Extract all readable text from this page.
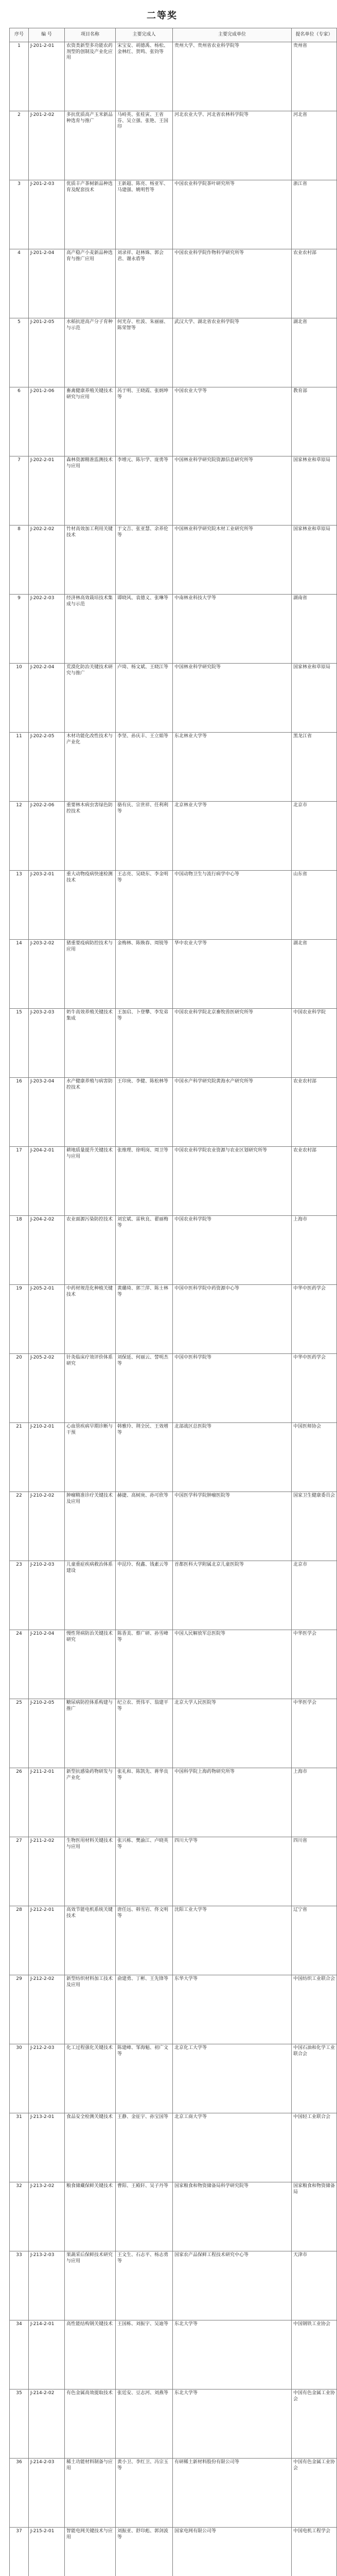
二等奖
序号	编 号	项目名称	主要完成人	主要完成单位	提名单位（专家）
1	J-201-2-01	农资类新型多功能农药剂型的创制及产业化应用	宋宝安、胡德禹、杨松、金林红、贺鸣、张钧等	贵州大学、贵州省农业科学院等	贵州省
2	J-201-2-02	多抗优质高产玉米新品种选育与推广	马峙英、张桂寅、王省芬、吴立强、张艳、王国印	河北农业大学、河北省农林科学院等	河北省
3	J-201-2-03	优质丰产茶树新品种选育及配套技术	王新超、陈亮、杨亚军、马建强、姚明哲等	中国农业科学院茶叶研究所等	浙江省
4	J-201-2-04	高产稳产小麦新品种选育与推广应用	刘录祥、赵林姝、郭会君、谢永盾等	中国农业科学院作物科学研究所等	农业农村部
5	J-201-2-05	水稻抗逆高产分子育种与示范	何光存、杜波、朱丽丽、陈荣智等	武汉大学、湖北省农业科学院等	湖北省
6	J-201-2-06	畜禽健康养殖关键技术研究与应用	呙于明、王晓霞、张炳坤等	中国农业大学等	教育部
7	J-202-2-01	森林资源精准监测技术与应用	李增元、陈尔学、庞勇等	中国林业科学研究院资源信息研究所等	国家林业和草原局
8	J-202-2-02	竹材高效加工利用关键技术	于文吉、张亚慧、余养伦等	中国林业科学研究院木材工业研究所等	国家林业和草原局
9	J-202-2-03	经济林高效栽培技术集成与示范	谭晓风、袁德义、张琳等	中南林业科技大学等	湖南省
10	J-202-2-04	荒漠化防治关键技术研究与推广	卢琦、杨文斌、王晓江等	中国林业科学研究院等	国家林业和草原局
11	J-202-2-05	木材功能化改性技术与产业化	李坚、孙庆丰、王立娟等	东北林业大学等	黑龙江省
12	J-202-2-06	重要林木病虫害绿色防控技术	骆有庆、宗世祥、任利利等	北京林业大学等	北京市
13	J-203-2-01	重大动物疫病快速检测技术	王志亮、吴晓东、李金明等	中国动物卫生与流行病学中心等	山东省
14	J-203-2-02	猪重要疫病防控技术与应用	金梅林、陈焕春、周锐等	华中农业大学等	湖北省
15	J-203-2-03	奶牛高效养殖关键技术集成	王加启、卜登攀、李发弟等	中国农业科学院北京畜牧兽医研究所等	中国农业科学院
16	J-203-2-04	水产健康养殖与病害防控技术	王印庚、李健、陈松林等	中国水产科学研究院黄海水产研究所等	农业农村部
17	J-204-2-01	耕地质量提升关键技术与应用	张维理、徐明岗、周卫等	中国农业科学院农业资源与农业区划研究所等	农业农村部
18	J-204-2-02	农业面源污染防控技术	刘宏斌、雷秋良、翟丽梅等	中国农业科学院等	上海市
19	J-205-2-01	中药材规范化种植关键技术	黄璐琦、郭兰萍、陈士林等	中国中医科学院中药资源中心等	中华中医药学会
20	J-205-2-02	针灸临床疗效评价体系研究	刘保延、何丽云、訾明杰等	中国中医科学院等	中华中医药学会
21	J-210-2-01	心血管疾病早期诊断与干预	韩雅玲、荆全民、王效增等	北部战区总医院等	中国医师协会
22	J-210-2-02	肿瘤精准诊疗关键技术及应用	赫捷、高树庚、孙可欣等	中国医学科学院肿瘤医院等	国家卫生健康委员会
23	J-210-2-03	儿童重症疾病救治体系建设	申昆玲、倪鑫、钱素云等	首都医科大学附属北京儿童医院等	北京市
24	J-210-2-04	慢性肾病防治关键技术研究	陈香美、蔡广研、孙雪峰等	中国人民解放军总医院等	中华医学会
25	J-210-2-05	糖尿病防控体系构建与推广	纪立农、贾伟平、翁建平等	北京大学人民医院等	中华医学会
26	J-211-2-01	新型抗感染药物研发与产业化	张礼和、陈凯先、蒋华良等	中国科学院上海药物研究所等	上海市
27	J-211-2-02	生物医用材料关键技术与应用	张兴栋、樊渝江、卢晓英等	四川大学等	四川省
28	J-212-2-01	高效节能电机系统关键技术	唐任远、韩雪岩、佟文明等	沈阳工业大学等	辽宁省
29	J-212-2-02	新型纺织材料加工技术及应用	俞建勇、丁彬、王先锋等	东华大学等	中国纺织工业联合会
30	J-212-2-03	化工过程强化关键技术	陈建峰、邹海魁、初广文等	北京化工大学等	中国石油和化学工业联合会
31	J-213-2-01	食品安全检测关键技术	王静、金征宇、孙宝国等	北京工商大学等	中国轻工业联合会
32	J-213-2-02	粮食储藏保鲜关键技术	曹阳、王殿轩、吴子丹等	国家粮食和物资储备局科学研究院等	国家粮食和物资储备局
33	J-213-2-03	果蔬采后保鲜技术研究与应用	王文生、石志平、杨志勇等	国家农产品保鲜工程技术研究中心等	天津市
34	J-214-2-01	高性能结构钢关键技术	王国栋、刘振宇、吴迪等	东北大学等	中国钢铁工业协会
35	J-214-2-02	有色金属高效提取技术	张廷安、豆志河、刘燕等	东北大学等	中国有色金属工业协会
36	J-214-2-03	稀土功能材料制备与应用	黄小卫、李红卫、冯宗玉等	有研稀土新材料股份有限公司等	中国有色金属工业协会
37	J-215-2-01	智能电网关键技术与应用	刘振亚、舒印彪、郭剑波等	国家电网有限公司等	中国电机工程学会
